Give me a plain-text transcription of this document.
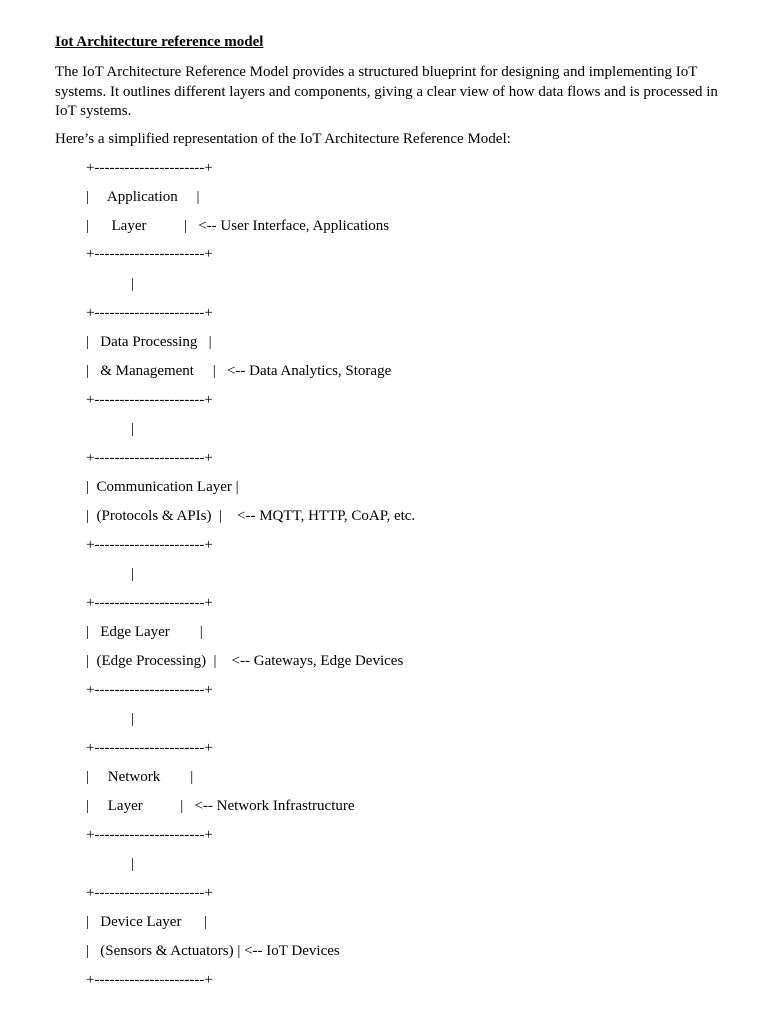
Iot Architecture reference model

The IoT Architecture Reference Model provides a structured blueprint for designing and implementing IoT systems. It outlines different layers and components, giving a clear view of how data flows and is processed in IoT systems.

Here’s a simplified representation of the IoT Architecture Reference Model:

+----------------------+
|     Application     |
|      Layer          |   <-- User Interface, Applications
+----------------------+
|
+----------------------+
|   Data Processing   |
|   & Management     |   <-- Data Analytics, Storage
+----------------------+
|
+----------------------+
|  Communication Layer |
|  (Protocols & APIs)  |    <-- MQTT, HTTP, CoAP, etc.
+----------------------+
|
+----------------------+
|   Edge Layer        |
|  (Edge Processing)  |    <-- Gateways, Edge Devices
+----------------------+
|
+----------------------+
|     Network        |
|     Layer          |   <-- Network Infrastructure
+----------------------+
|
+----------------------+
|   Device Layer      |
|   (Sensors & Actuators) | <-- IoT Devices
+----------------------+
